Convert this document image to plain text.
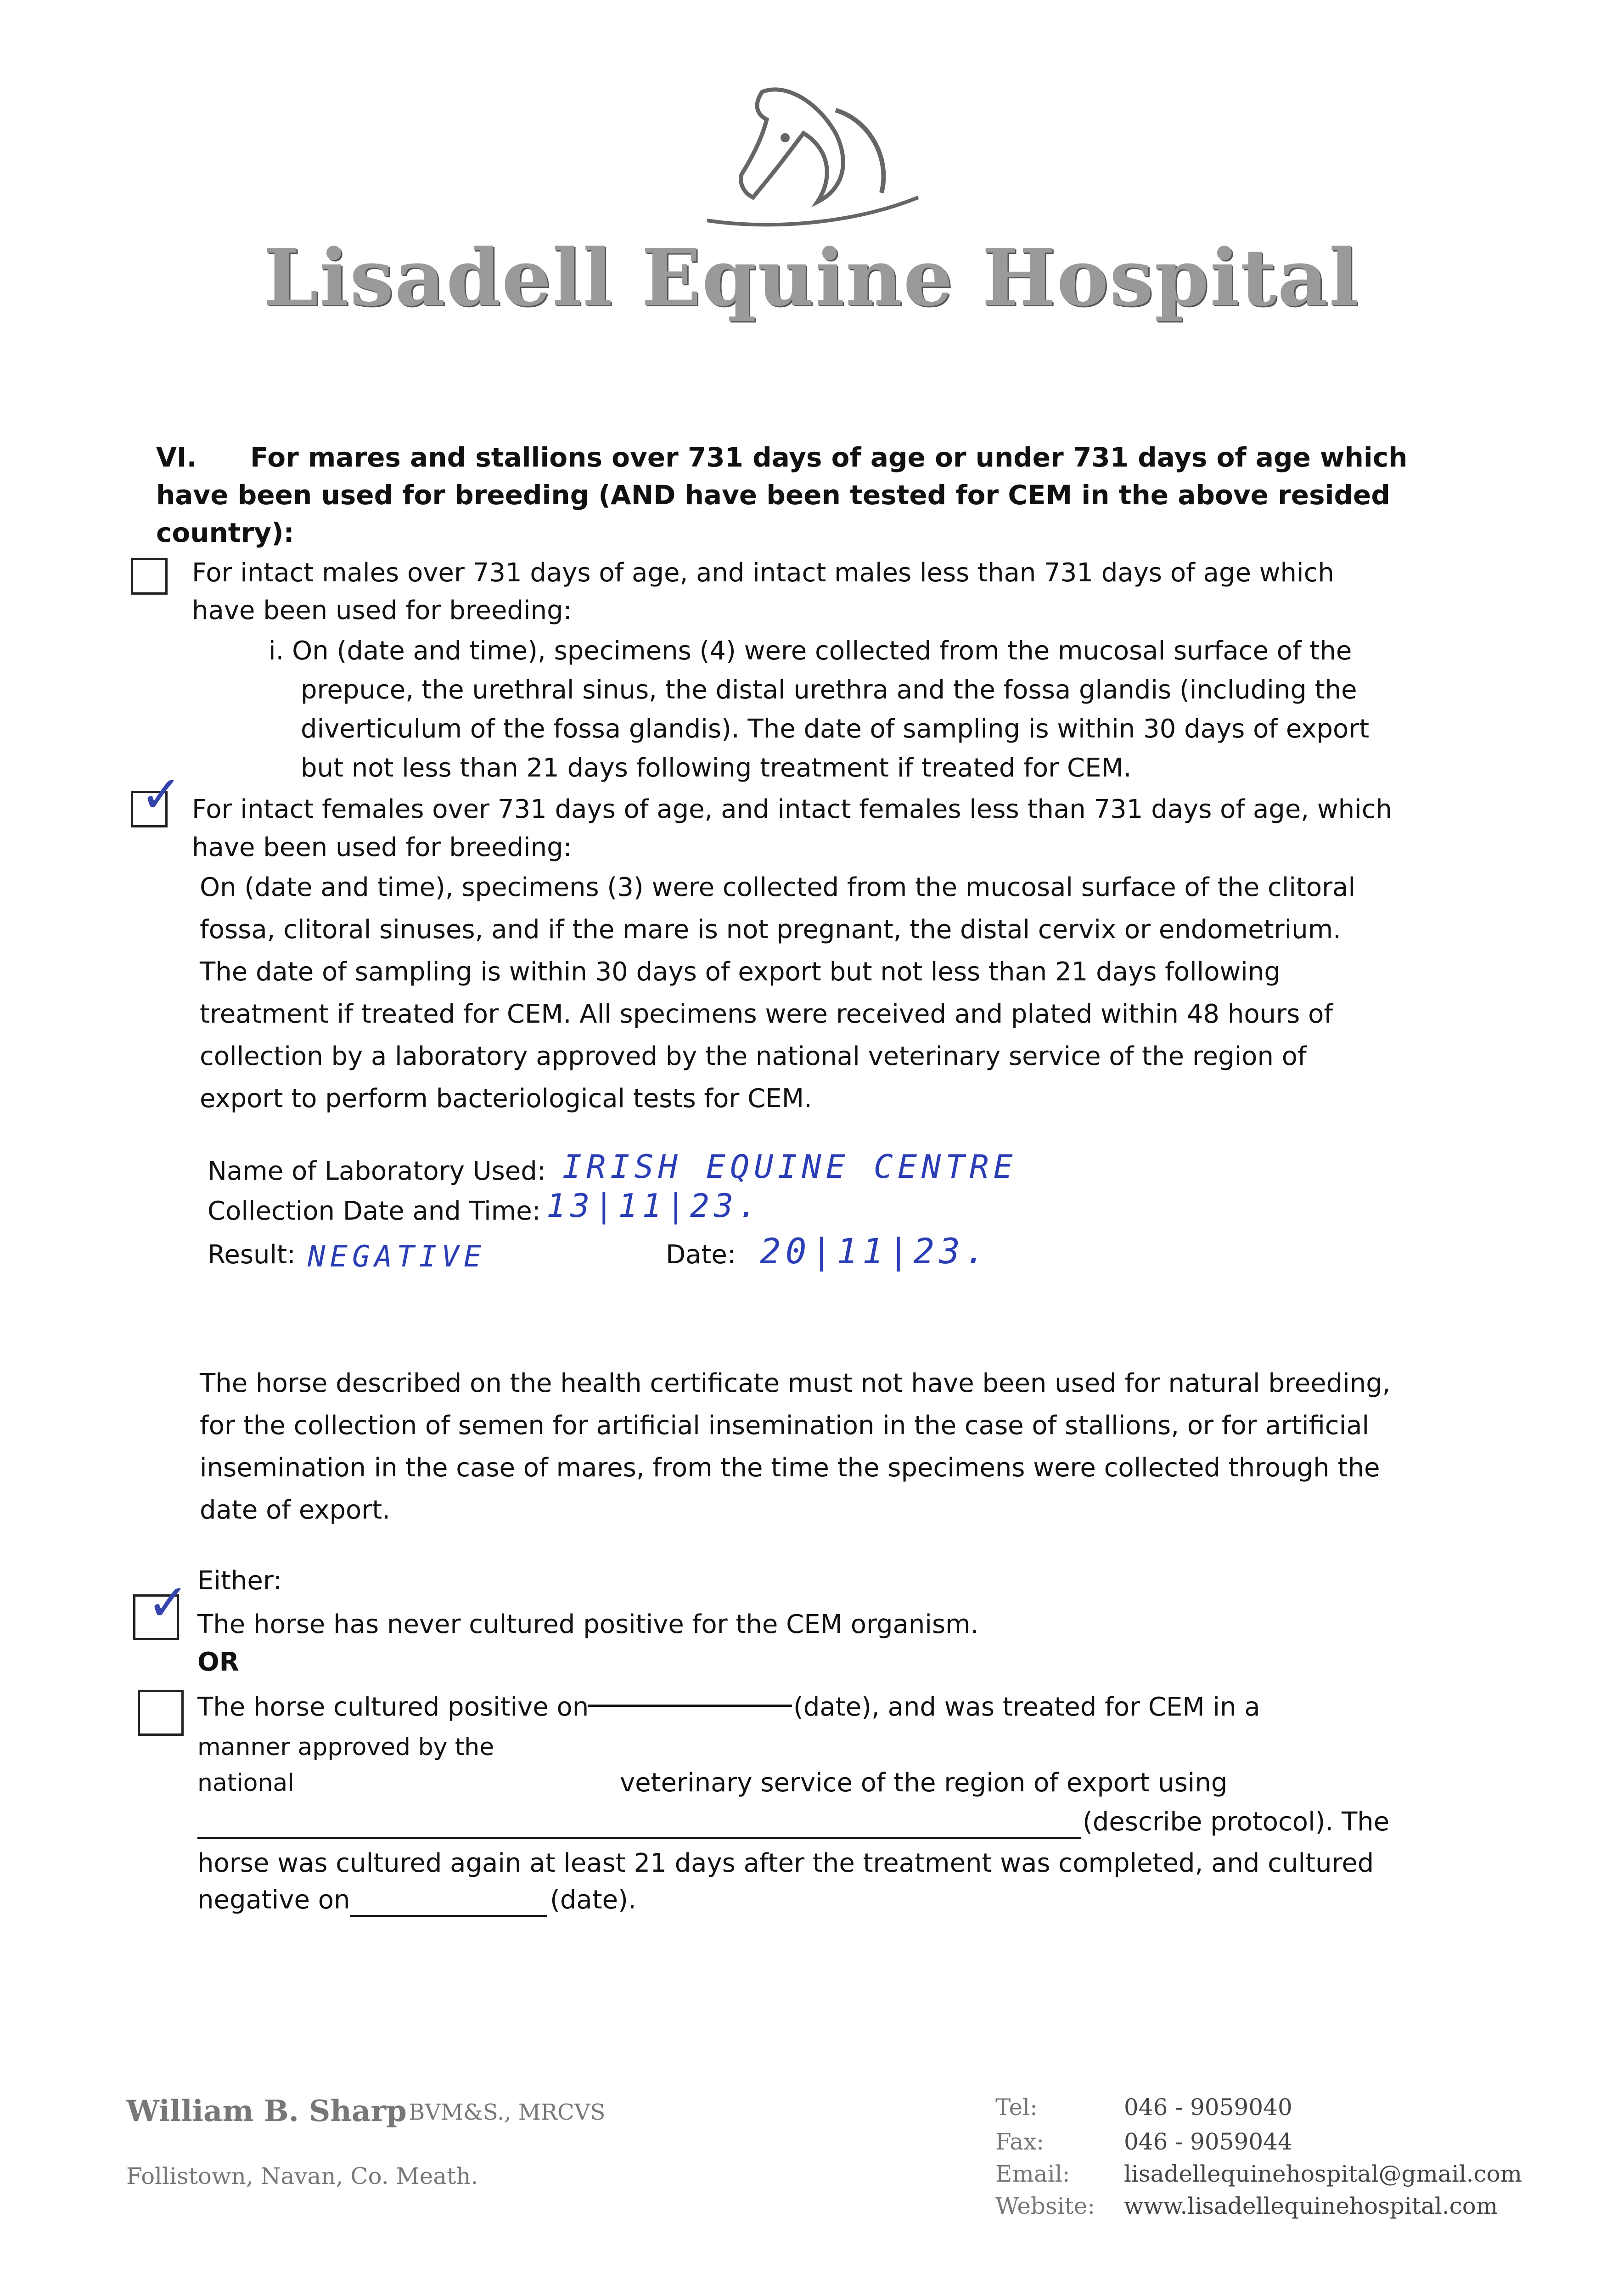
Lisadell Equine Hospital
VI. For mares and stallions over 731 days of age or under 731 days of age which
have been used for breeding (AND have been tested for CEM in the above resided country):
For intact males over 731 days of age, and intact males less than 731 days of age which
have been used for breeding:
i. On (date and time), specimens (4) were collected from the mucosal surface of the
prepuce, the urethral sinus, the distal urethra and the fossa glandis (including the
diverticulum of the fossa glandis). The date of sampling is within 30 days of export
but not less than 21 days following treatment if treated for CEM.
✓ For intact females over 731 days of age, and intact females less than 731 days of age, which
have been used for breeding:
On (date and time), specimens (3) were collected from the mucosal surface of the clitoral
fossa, clitoral sinuses, and if the mare is not pregnant, the distal cervix or endometrium.
The date of sampling is within 30 days of export but not less than 21 days following
treatment if treated for CEM. All specimens were received and plated within 48 hours of
collection by a laboratory approved by the national veterinary service of the region of
export to perform bacteriological tests for CEM.
Name of Laboratory Used: IRISH EQUINE CENTRE
Collection Date and Time: 13|11|23.
Result: NEGATIVE	Date: 20|11|23.
The horse described on the health certificate must not have been used for natural breeding,
for the collection of semen for artificial insemination in the case of stallions, or for artificial
insemination in the case of mares, from the time the specimens were collected through the
date of export.
Either:
✓ The horse has never cultured positive for the CEM organism.
OR
The horse cultured positive on	(date), and was treated for CEM in a
manner approved by the
national	veterinary service of the region of export using
(describe protocol). The
horse was cultured again at least 21 days after the treatment was completed, and cultured
negative on	(date).
William B. Sharp BVM&S., MRCVS
Follistown, Navan, Co. Meath.
Tel:	046 - 9059040
Fax:	046 - 9059044
Email: lisadellequinehospital@gmail.com
Website: www.lisadellequinehospital.com
